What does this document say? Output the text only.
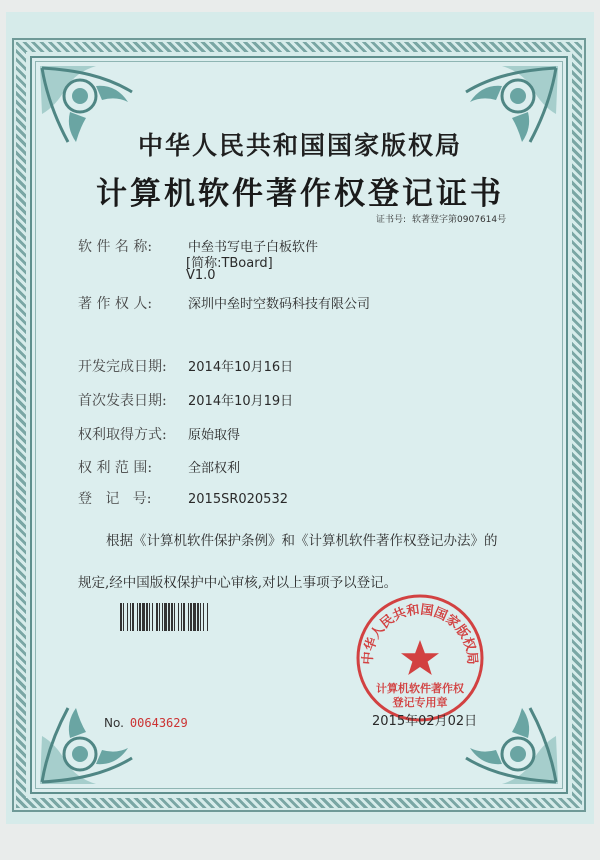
中华人民共和国国家版权局
计算机软件著作权登记证书
证书号: 软著登字第0907614号
软 件 名 称:	中垒书写电子白板软件
[简称:TBoard]
V1.0
著 作 权 人:	深圳中垒时空数码科技有限公司
开发完成日期: 2014年10月16日
首次发表日期: 2014年10月19日
权利取得方式: 原始取得
权 利 范 围:	全部权利
登   记   号:	2015SR020532
根据《计算机软件保护条例》和《计算机软件著作权登记办法》的
规定,经中国版权保护中心审核,对以上事项予以登记。
中华人民共和国国家版权局
计算机软件著作权
登记专用章
No. 00643629	2015年02月02日
